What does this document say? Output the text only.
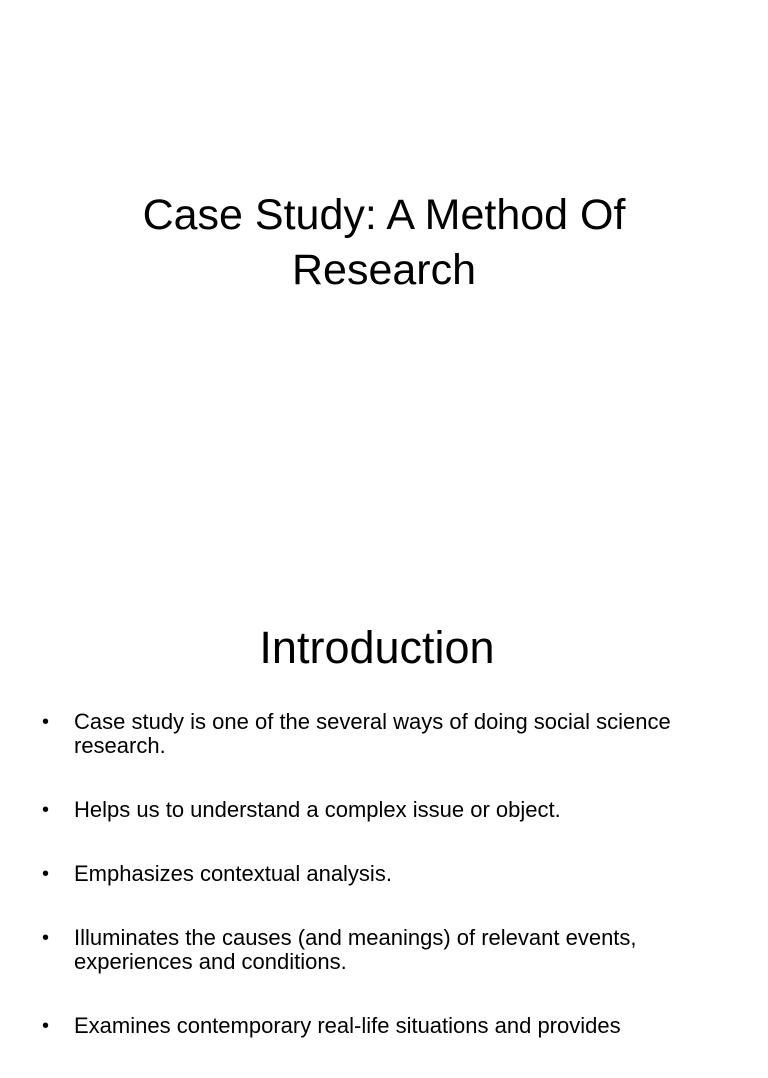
Case Study: A Method Of Research
Introduction
•	Case study is one of the several ways of doing social science research.
•	Helps us to understand a complex issue or object.
•	Emphasizes contextual analysis.
•	Illuminates the causes (and meanings) of relevant events, experiences and conditions.
•	Examines contemporary real-life situations and provides
